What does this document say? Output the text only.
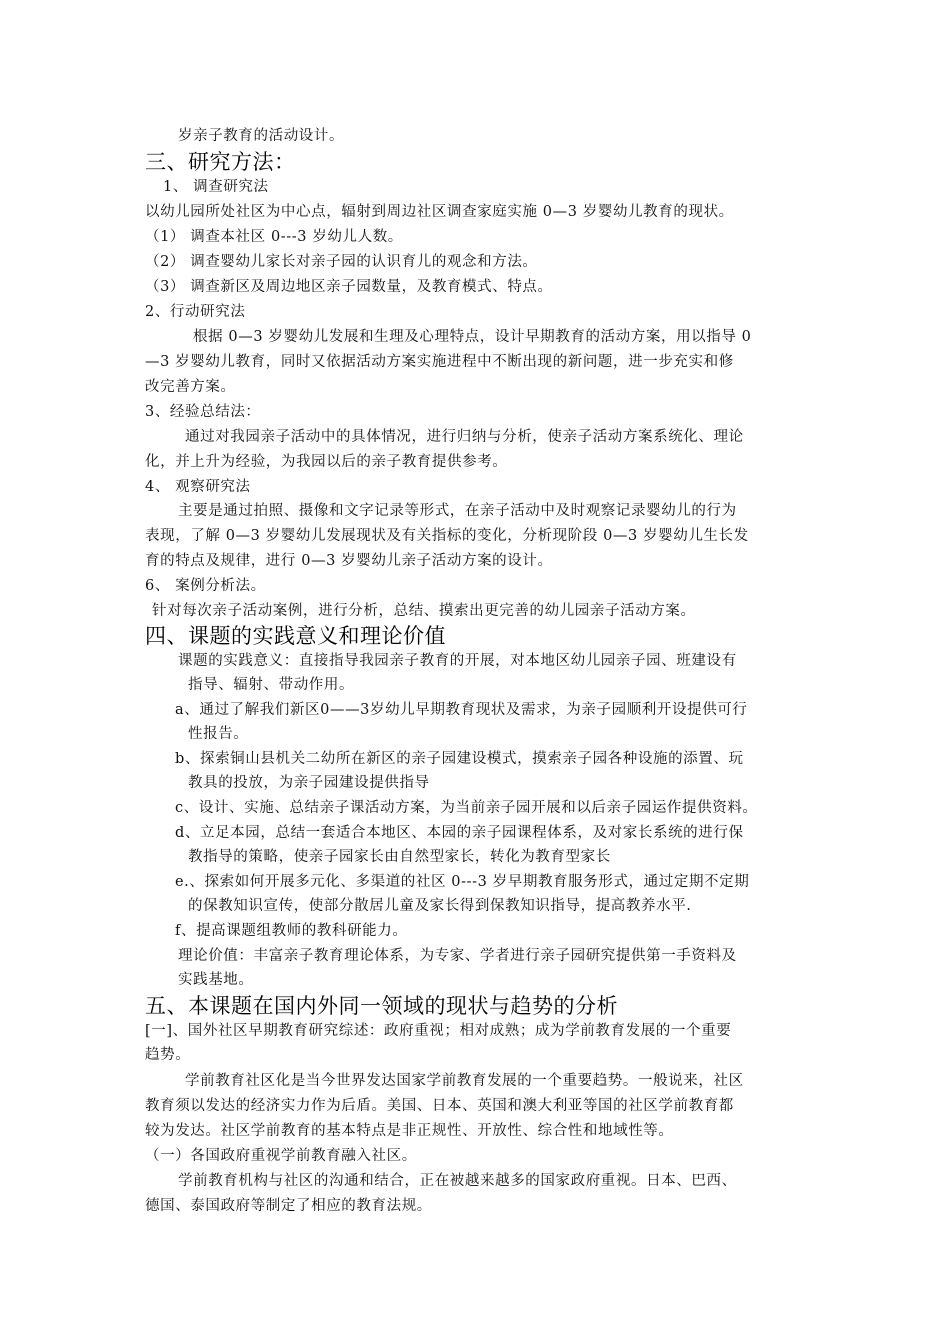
岁亲子教育的活动设计。
三、研究方法：
1、 调查研究法
以幼儿园所处社区为中心点，辐射到周边社区调查家庭实施 0—3 岁婴幼儿教育的现状。
（1） 调查本社区 0---3 岁幼儿人数。
（2） 调查婴幼儿家长对亲子园的认识育儿的观念和方法。
（3） 调查新区及周边地区亲子园数量，及教育模式、特点。
2、行动研究法
根据 0—3 岁婴幼儿发展和生理及心理特点，设计早期教育的活动方案，用以指导 0
—3 岁婴幼儿教育，同时又依据活动方案实施进程中不断出现的新问题，进一步充实和修
改完善方案。
3、经验总结法：
通过对我园亲子活动中的具体情况，进行归纳与分析，使亲子活动方案系统化、理论
化，并上升为经验，为我园以后的亲子教育提供参考。
4、 观察研究法
主要是通过拍照、摄像和文字记录等形式，在亲子活动中及时观察记录婴幼儿的行为
表现，了解 0—3 岁婴幼儿发展现状及有关指标的变化，分析现阶段 0—3 岁婴幼儿生长发
育的特点及规律，进行 0—3 岁婴幼儿亲子活动方案的设计。
6、 案例分析法。
针对每次亲子活动案例，进行分析，总结、摸索出更完善的幼儿园亲子活动方案。
四、课题的实践意义和理论价值
课题的实践意义：直接指导我园亲子教育的开展，对本地区幼儿园亲子园、班建设有
指导、辐射、带动作用。
a、通过了解我们新区0——3岁幼儿早期教育现状及需求，为亲子园顺利开设提供可行
性报告。
b、探索铜山县机关二幼所在新区的亲子园建设模式，摸索亲子园各种设施的添置、玩
教具的投放，为亲子园建设提供指导
c、设计、实施、总结亲子课活动方案，为当前亲子园开展和以后亲子园运作提供资料。
d、立足本园，总结一套适合本地区、本园的亲子园课程体系，及对家长系统的进行保
教指导的策略，使亲子园家长由自然型家长，转化为教育型家长
e.、探索如何开展多元化、多渠道的社区 0---3 岁早期教育服务形式，通过定期不定期
的保教知识宣传，使部分散居儿童及家长得到保教知识指导，提高教养水平.
f、提高课题组教师的教科研能力。
理论价值：丰富亲子教育理论体系，为专家、学者进行亲子园研究提供第一手资料及
实践基地。
五、本课题在国内外同一领域的现状与趋势的分析
[一]、国外社区早期教育研究综述：政府重视；相对成熟；成为学前教育发展的一个重要
趋势。
学前教育社区化是当今世界发达国家学前教育发展的一个重要趋势。一般说来，社区
教育须以发达的经济实力作为后盾。美国、日本、英国和澳大利亚等国的社区学前教育都
较为发达。社区学前教育的基本特点是非正规性、开放性、综合性和地域性等。
（一）各国政府重视学前教育融入社区。
学前教育机构与社区的沟通和结合，正在被越来越多的国家政府重视。日本、巴西、
德国、泰国政府等制定了相应的教育法规。
